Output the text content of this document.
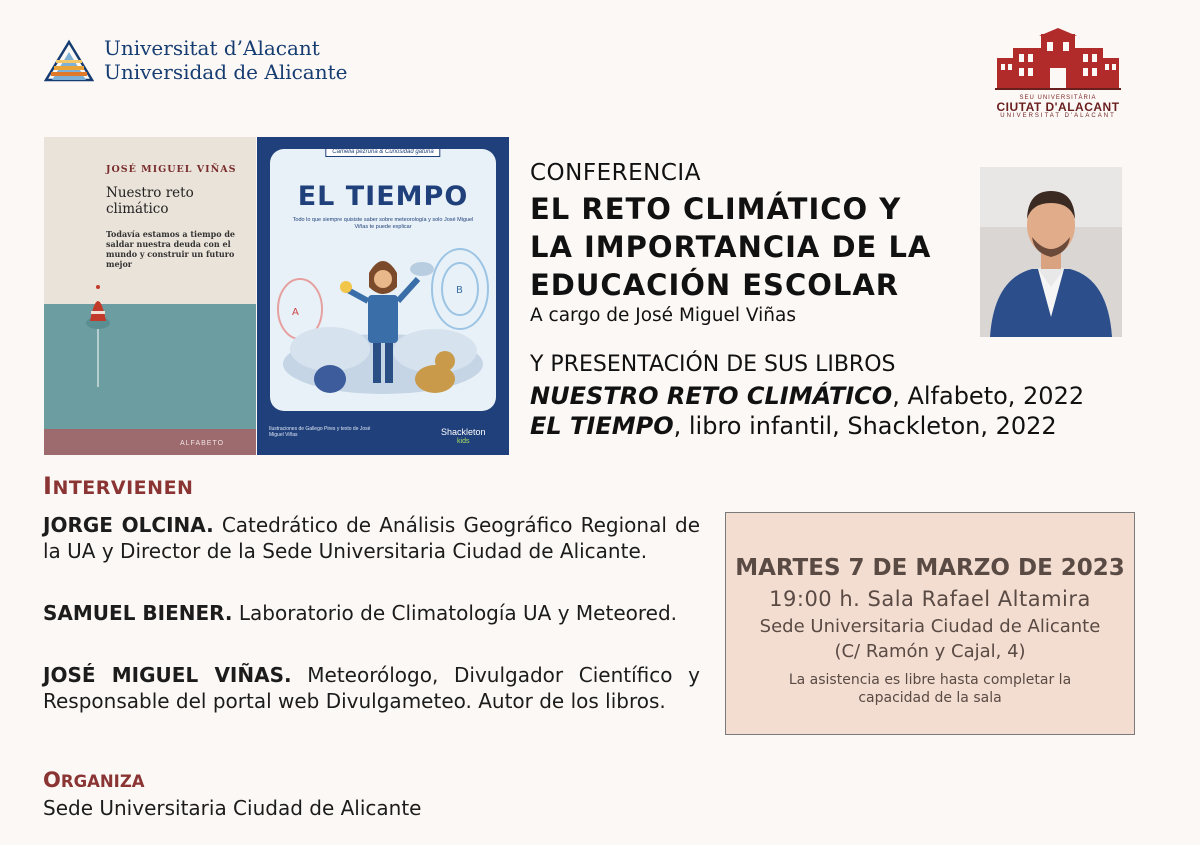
Universitat d’Alacant
Universidad de Alicante
SEU UNIVERSITÀRIA
CIUTAT D'ALACANT
UNIVERSITAT D'ALACANT
JOSÉ MIGUEL VIÑAS
Nuestro reto climático
Todavía estamos a tiempo de saldar nuestra deuda con el mundo y construir un futuro mejor
ALFABETO
Camelia pezruña & Curiosidad gatuna
EL TIEMPO
Todo lo que siempre quisiste saber sobre meteorología y solo José Miguel Viñas te puede explicar
A
B
Ilustraciones de Gallego Pires y texto de José Miguel Viñas	Shackleton
kids
CONFERENCIA
EL RETO CLIMÁTICO Y LA IMPORTANCIA DE LA EDUCACIÓN ESCOLAR
A cargo de José Miguel Viñas
Y PRESENTACIÓN DE SUS LIBROS
NUESTRO RETO CLIMÁTICO, Alfabeto, 2022
EL TIEMPO, libro infantil, Shackleton, 2022
INTERVIENEN
JORGE OLCINA. Catedrático de Análisis Geográfico Regional de la UA y Director de la Sede Universitaria Ciudad de Alicante.
SAMUEL BIENER. Laboratorio de Climatología UA y Meteored.
JOSÉ MIGUEL VIÑAS. Meteorólogo, Divulgador Científico y Responsable del portal web Divulgameteo. Autor de los libros.
ORGANIZA
Sede Universitaria Ciudad de Alicante
MARTES 7 DE MARZO DE 2023
19:00 h. Sala Rafael Altamira
Sede Universitaria Ciudad de Alicante
(C/ Ramón y Cajal, 4)
La asistencia es libre hasta completar la capacidad de la sala
